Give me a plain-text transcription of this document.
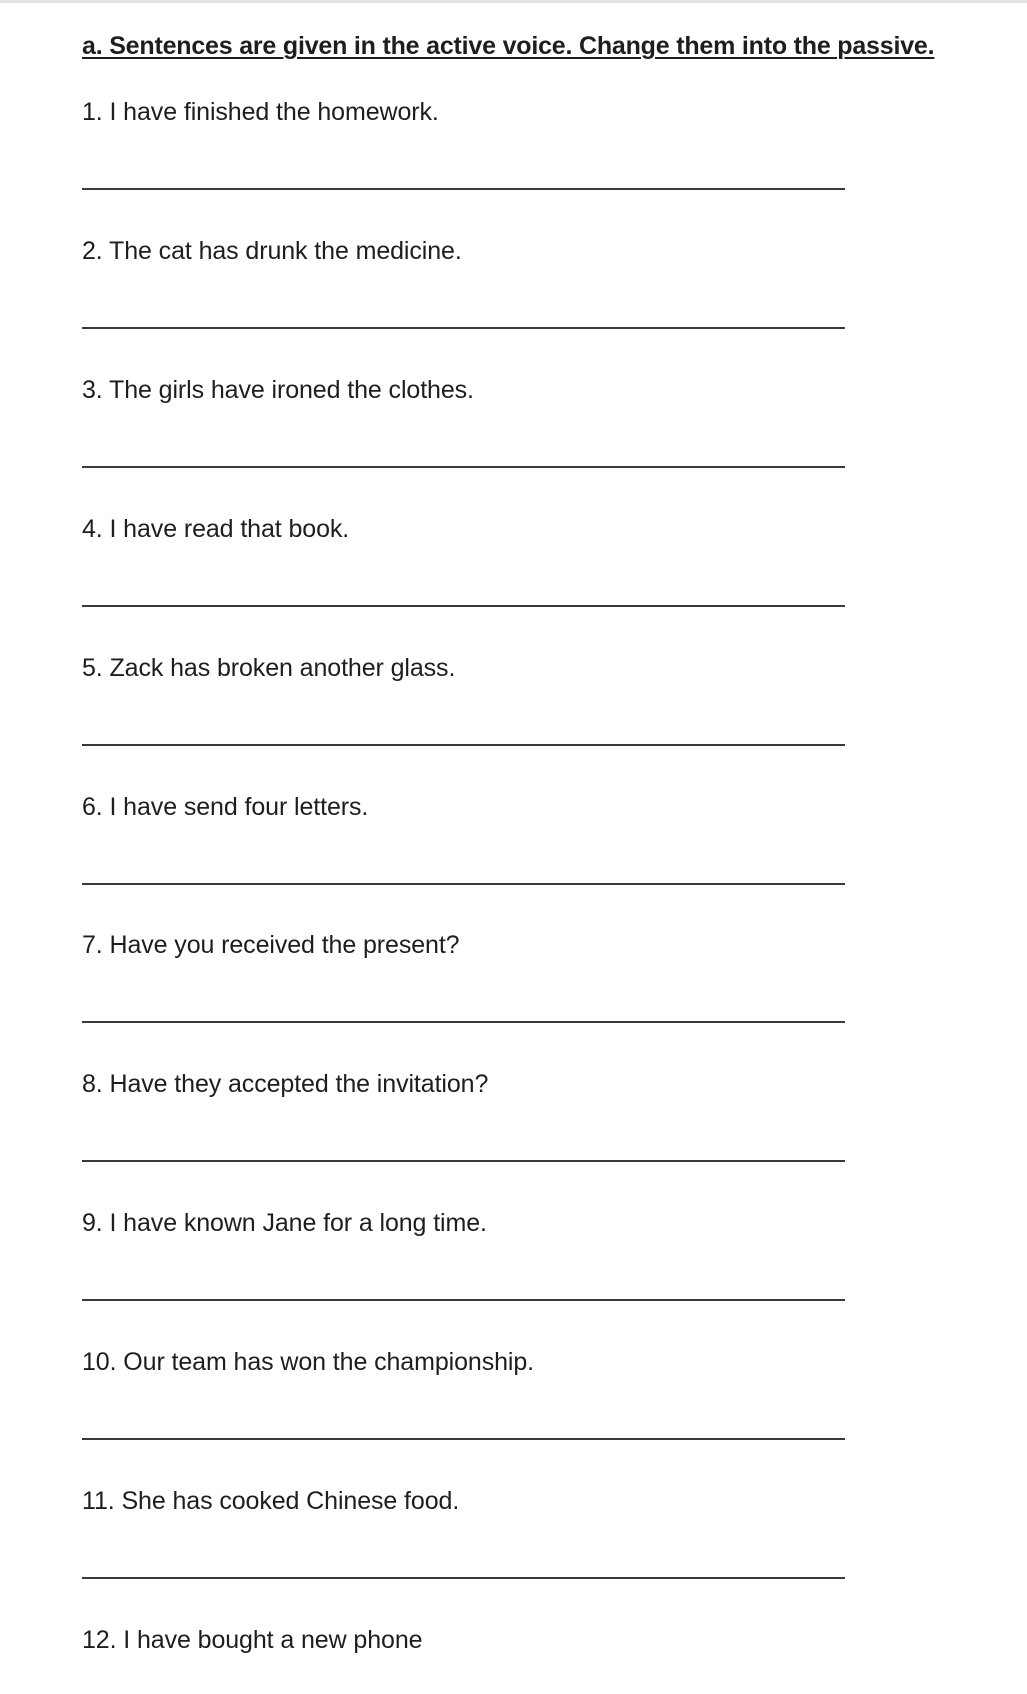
a. Sentences are given in the active voice. Change them into the passive.
1. I have finished the homework.
2. The cat has drunk the medicine.
3. The girls have ironed the clothes.
4. I have read that book.
5. Zack has broken another glass.
6. I have send four letters.
7. Have you received the present?
8. Have they accepted the invitation?
9. I have known Jane for a long time.
10. Our team has won the championship.
11. She has cooked Chinese food.
12. I have bought a new phone
